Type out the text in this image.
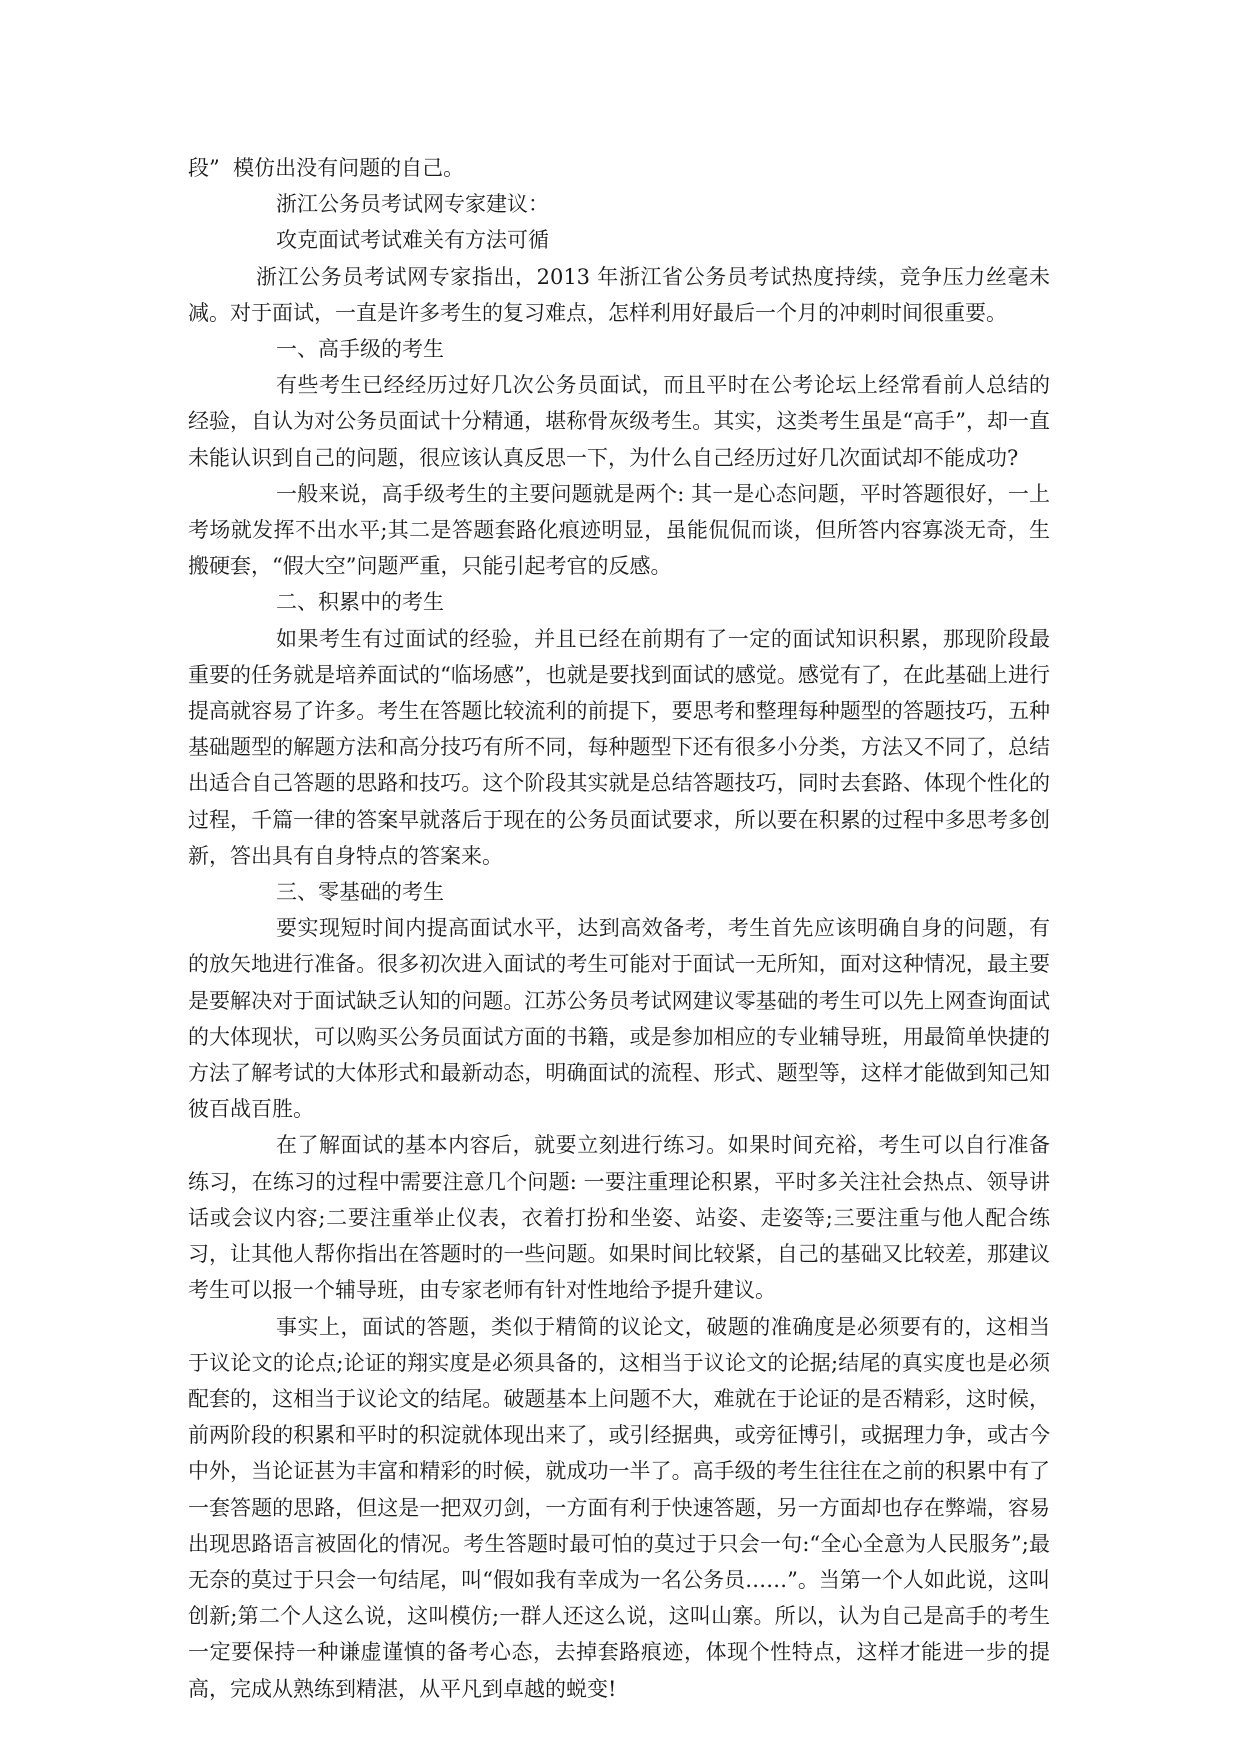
段”  模仿出没有问题的自己。

浙江公务员考试网专家建议：

攻克面试考试难关有方法可循

浙江公务员考试网专家指出，2013 年浙江省公务员考试热度持续，竞争压力丝毫未减。对于面试，一直是许多考生的复习难点，怎样利用好最后一个月的冲刺时间很重要。

一、高手级的考生

有些考生已经经历过好几次公务员面试，而且平时在公考论坛上经常看前人总结的经验，自认为对公务员面试十分精通，堪称骨灰级考生。其实，这类考生虽是“高手”，却一直未能认识到自己的问题，很应该认真反思一下，为什么自己经历过好几次面试却不能成功?

一般来说，高手级考生的主要问题就是两个: 其一是心态问题，平时答题很好，一上考场就发挥不出水平;其二是答题套路化痕迹明显，虽能侃侃而谈，但所答内容寡淡无奇，生搬硬套，“假大空”问题严重，只能引起考官的反感。

二、积累中的考生

如果考生有过面试的经验，并且已经在前期有了一定的面试知识积累，那现阶段最重要的任务就是培养面试的“临场感”，也就是要找到面试的感觉。感觉有了，在此基础上进行提高就容易了许多。考生在答题比较流利的前提下，要思考和整理每种题型的答题技巧，五种基础题型的解题方法和高分技巧有所不同，每种题型下还有很多小分类，方法又不同了，总结出适合自己答题的思路和技巧。这个阶段其实就是总结答题技巧，同时去套路、体现个性化的过程，千篇一律的答案早就落后于现在的公务员面试要求，所以要在积累的过程中多思考多创新，答出具有自身特点的答案来。

三、零基础的考生

要实现短时间内提高面试水平，达到高效备考，考生首先应该明确自身的问题，有的放矢地进行准备。很多初次进入面试的考生可能对于面试一无所知，面对这种情况，最主要是要解决对于面试缺乏认知的问题。江苏公务员考试网建议零基础的考生可以先上网查询面试的大体现状，可以购买公务员面试方面的书籍，或是参加相应的专业辅导班，用最简单快捷的方法了解考试的大体形式和最新动态，明确面试的流程、形式、题型等，这样才能做到知己知彼百战百胜。

在了解面试的基本内容后，就要立刻进行练习。如果时间充裕，考生可以自行准备练习，在练习的过程中需要注意几个问题: 一要注重理论积累，平时多关注社会热点、领导讲话或会议内容;二要注重举止仪表，衣着打扮和坐姿、站姿、走姿等;三要注重与他人配合练习，让其他人帮你指出在答题时的一些问题。如果时间比较紧，自己的基础又比较差，那建议考生可以报一个辅导班，由专家老师有针对性地给予提升建议。

事实上，面试的答题，类似于精简的议论文，破题的准确度是必须要有的，这相当于议论文的论点;论证的翔实度是必须具备的，这相当于议论文的论据;结尾的真实度也是必须配套的，这相当于议论文的结尾。破题基本上问题不大，难就在于论证的是否精彩，这时候，前两阶段的积累和平时的积淀就体现出来了，或引经据典，或旁征博引，或据理力争，或古今中外，当论证甚为丰富和精彩的时候，就成功一半了。高手级的考生往往在之前的积累中有了一套答题的思路，但这是一把双刃剑，一方面有利于快速答题，另一方面却也存在弊端，容易出现思路语言被固化的情况。考生答题时最可怕的莫过于只会一句:“全心全意为人民服务”;最无奈的莫过于只会一句结尾，叫“假如我有幸成为一名公务员……”。当第一个人如此说，这叫创新;第二个人这么说，这叫模仿;一群人还这么说，这叫山寨。所以，认为自己是高手的考生一定要保持一种谦虚谨慎的备考心态，去掉套路痕迹，体现个性特点，这样才能进一步的提高，完成从熟练到精湛，从平凡到卓越的蜕变!
